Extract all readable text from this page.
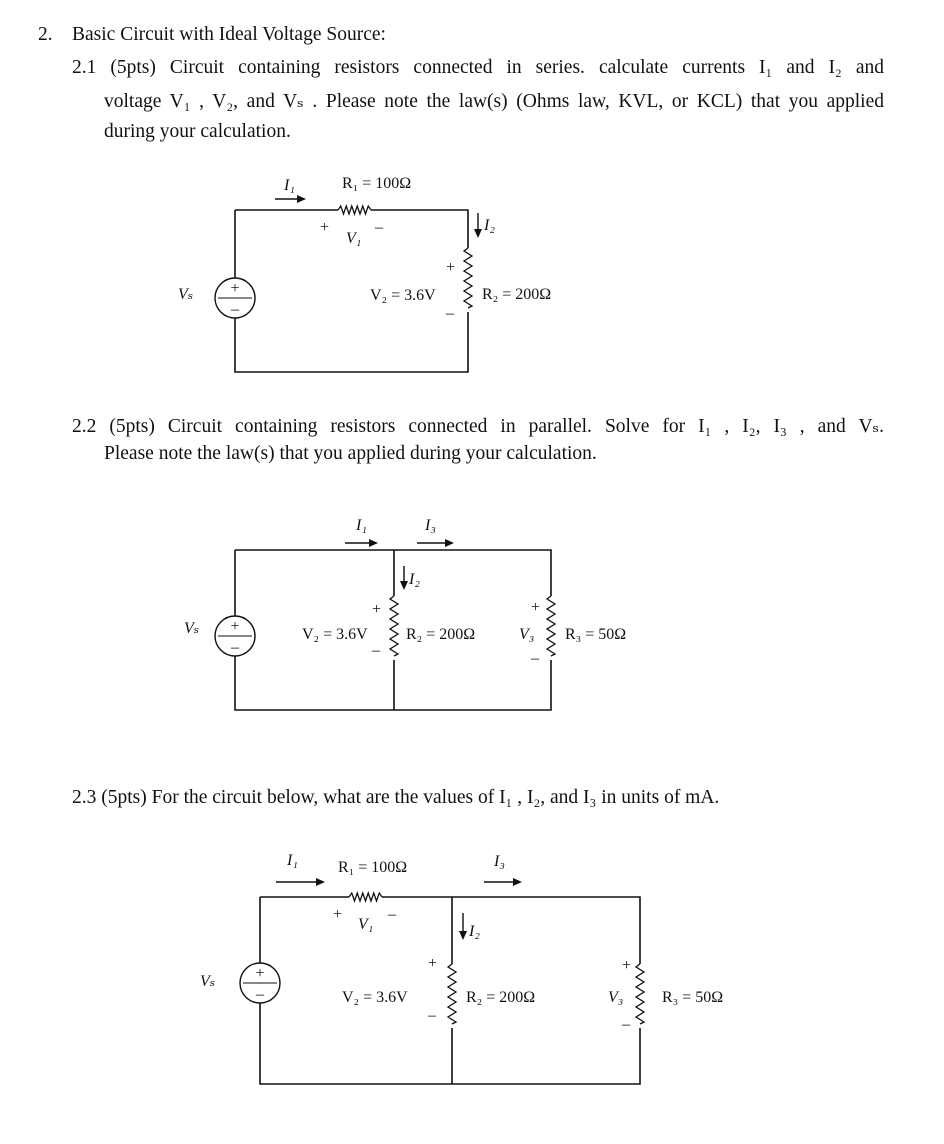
2. Basic Circuit with Ideal Voltage Source:
2.1 (5pts) Circuit containing resistors connected in series. calculate currents I₁ and I₂ and
voltage V₁ , V₂, and Vₛ . Please note the law(s) (Ohms law, KVL, or KCL) that you applied
during your calculation.
+
–
Vₛ
I₁	R₁ = 100Ω
+
V₁
–	I₂
+
V₂ = 3.6V
–
R₂ = 200Ω
2.2 (5pts) Circuit containing resistors connected in parallel. Solve for I₁ , I₂, I₃ , and Vₛ.
Please note the law(s) that you applied during your calculation.
+
–
Vₛ
I₁	I₃
I₂
+
V₂ = 3.6V
–
R₂ = 200Ω
+
V₃
–
R₃ = 50Ω
2.3 (5pts) For the circuit below, what are the values of I₁ , I₂, and I₃ in units of mA.
+
–
Vₛ
I₁	R₁ = 100Ω	I₃
+
V₁
–
I₂
+
V₂ = 3.6V
–
R₂ = 200Ω
+
V₃
–
R₃ = 50Ω
